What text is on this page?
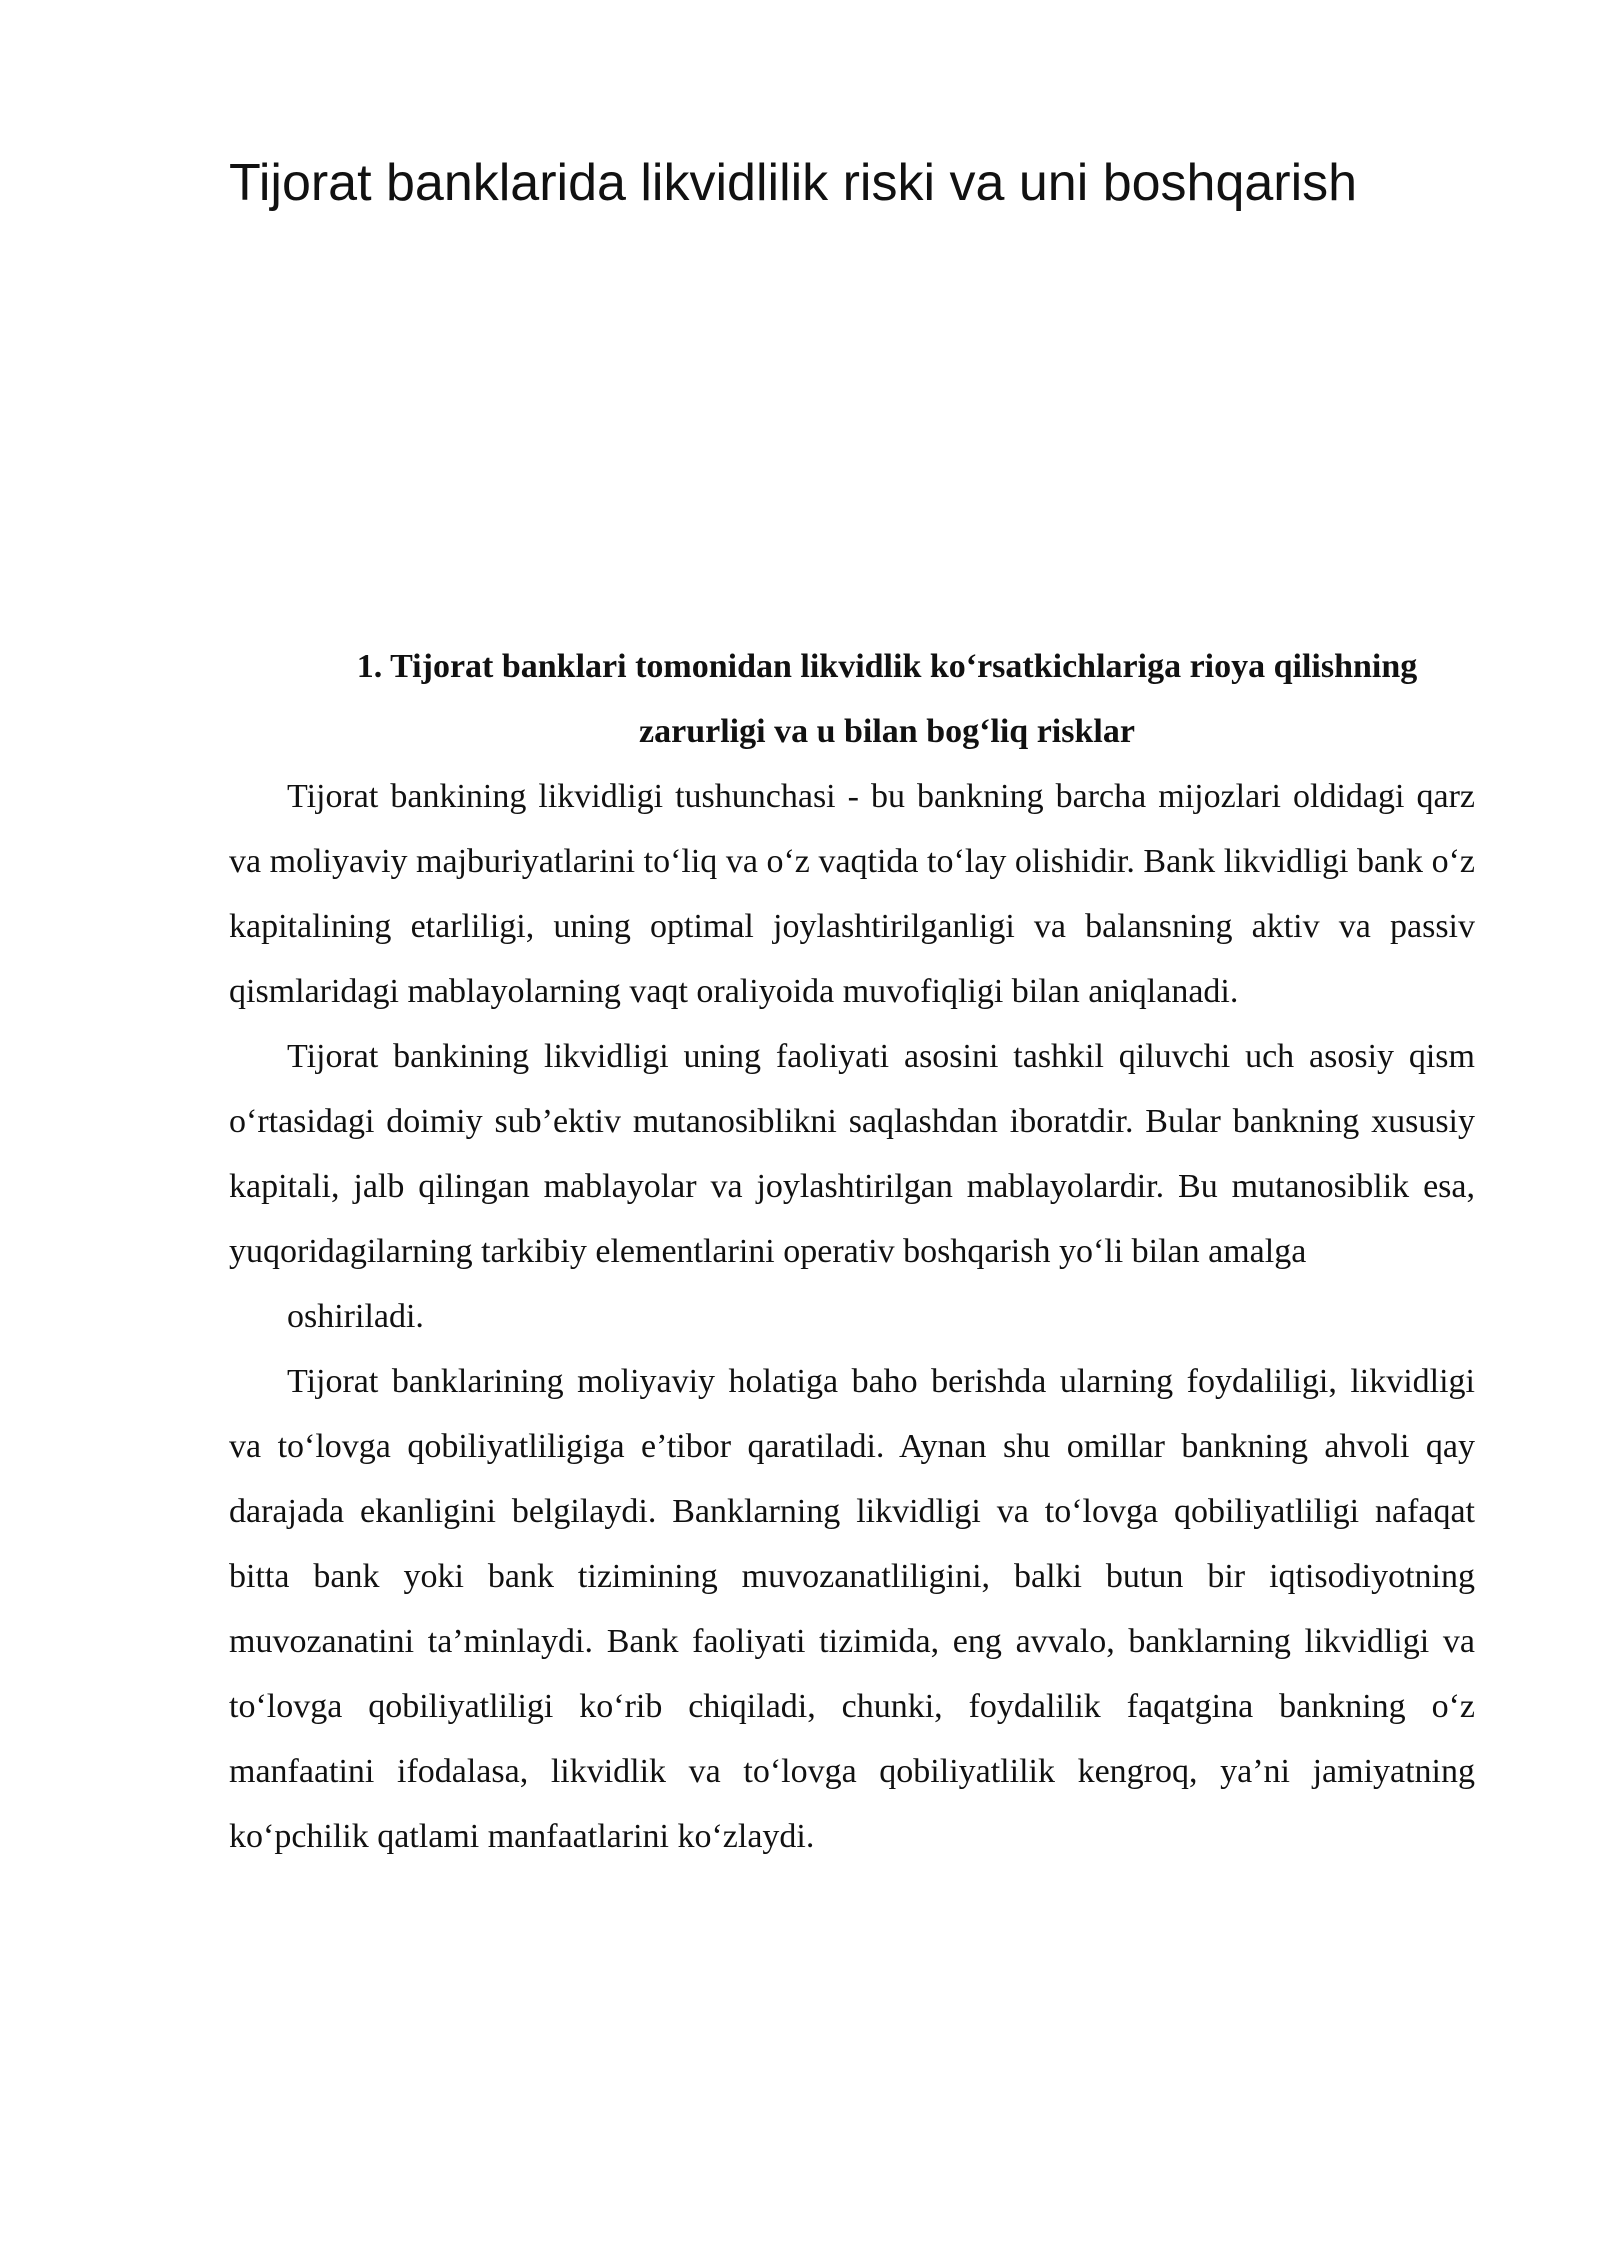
Tijorat banklarida likvidlilik riski va uni boshqarish
1. Tijorat banklari tomonidan likvidlik koʻrsatkichlariga rioya qilishning zarurligi va u bilan bogʻliq risklar

Tijorat bankining likvidligi tushunchasi - bu bankning barcha mijozlari oldidagi qarz va moliyaviy majburiyatlarini toʻliq va oʻz vaqtida toʻlay olishidir. Bank likvidligi bank oʻz kapitalining etarliligi, uning optimal joylashtirilganligi va balansning aktiv va passiv qismlaridagi mablayolarning vaqt oraliyoida muvofiqligi bilan aniqlanadi.

Tijorat bankining likvidligi uning faoliyati asosini tashkil qiluvchi uch asosiy qism oʻrtasidagi doimiy sub’ektiv mutanosiblikni saqlashdan iboratdir. Bular bankning xususiy kapitali, jalb qilingan mablayolar va joylashtirilgan mablayolardir. Bu mutanosiblik esa, yuqoridagilarning tarkibiy elementlarini operativ boshqarish yoʻli bilan amalga

oshiriladi.

Tijorat banklarining moliyaviy holatiga baho berishda ularning foydaliligi, likvidligi va toʻlovga qobiliyatliligiga e’tibor qaratiladi. Aynan shu omillar bankning ahvoli qay darajada ekanligini belgilaydi. Banklarning likvidligi va toʻlovga qobiliyatliligi nafaqat bitta bank yoki bank tizimining muvozanatliligini, balki butun bir iqtisodiyotning muvozanatini ta’minlaydi. Bank faoliyati tizimida, eng avvalo, banklarning likvidligi va toʻlovga qobiliyatliligi koʻrib chiqiladi, chunki, foydalilik faqatgina bankning oʻz manfaatini ifodalasa, likvidlik va toʻlovga qobiliyatlilik kengroq, ya’ni jamiyatning koʻpchilik qatlami manfaatlarini koʻzlaydi.
